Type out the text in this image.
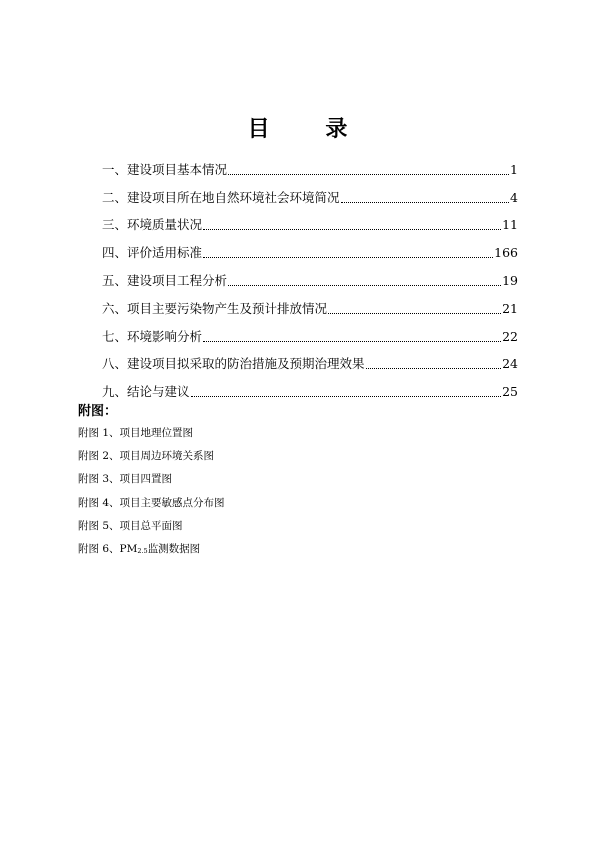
目 录
一、建设项目基本情况	1
二、建设项目所在地自然环境社会环境简况	4
三、环境质量状况	11
四、评价适用标准	166
五、建设项目工程分析	19
六、项目主要污染物产生及预计排放情况	21
七、环境影响分析	22
八、建设项目拟采取的防治措施及预期治理效果	24
九、结论与建议	25
附图：
附图 1、项目地理位置图
附图 2、项目周边环境关系图
附图 3、项目四置图
附图 4、项目主要敏感点分布图
附图 5、项目总平面图
附图 6、$PM_{2.5}$监测数据图
